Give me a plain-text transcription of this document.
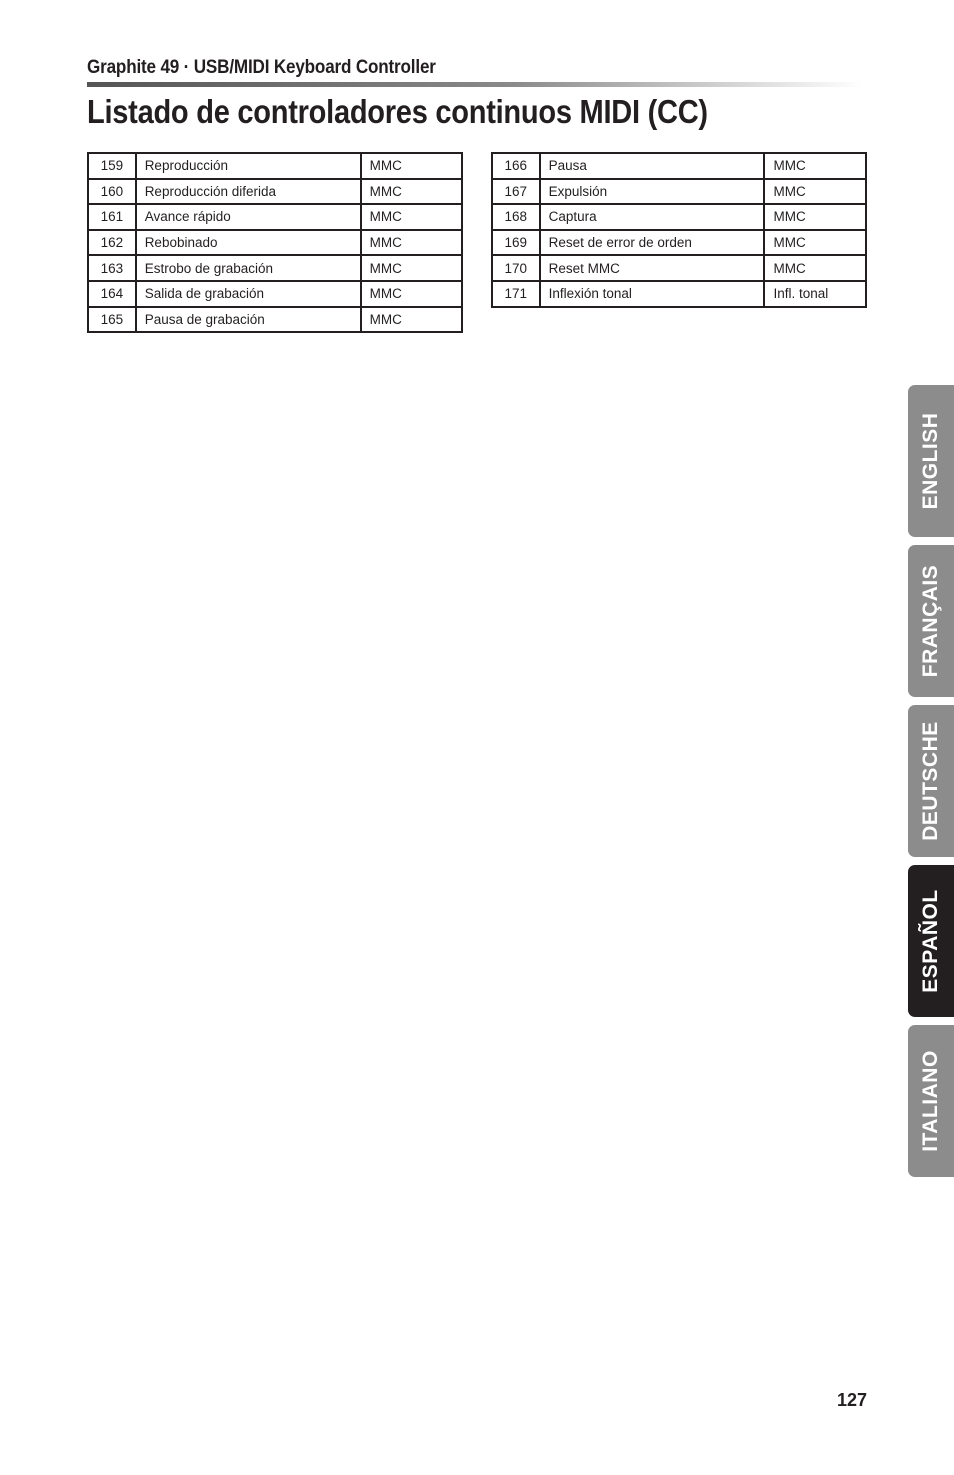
Graphite 49 · USB/MIDI Keyboard Controller
Listado de controladores continuos MIDI (CC)
159	Reproducción	MMC
160	Reproducción diferida	MMC
161	Avance rápido	MMC
162	Rebobinado	MMC
163	Estrobo de grabación	MMC
164	Salida de grabación	MMC
165	Pausa de grabación	MMC
166	Pausa	MMC
167	Expulsión	MMC
168	Captura	MMC
169	Reset de error de orden	MMC
170	Reset MMC	MMC
171	Inflexión tonal	Infl. tonal
ENGLISH
FRANÇAIS
DEUTSCHE
ESPAÑOL
ITALIANO
127
